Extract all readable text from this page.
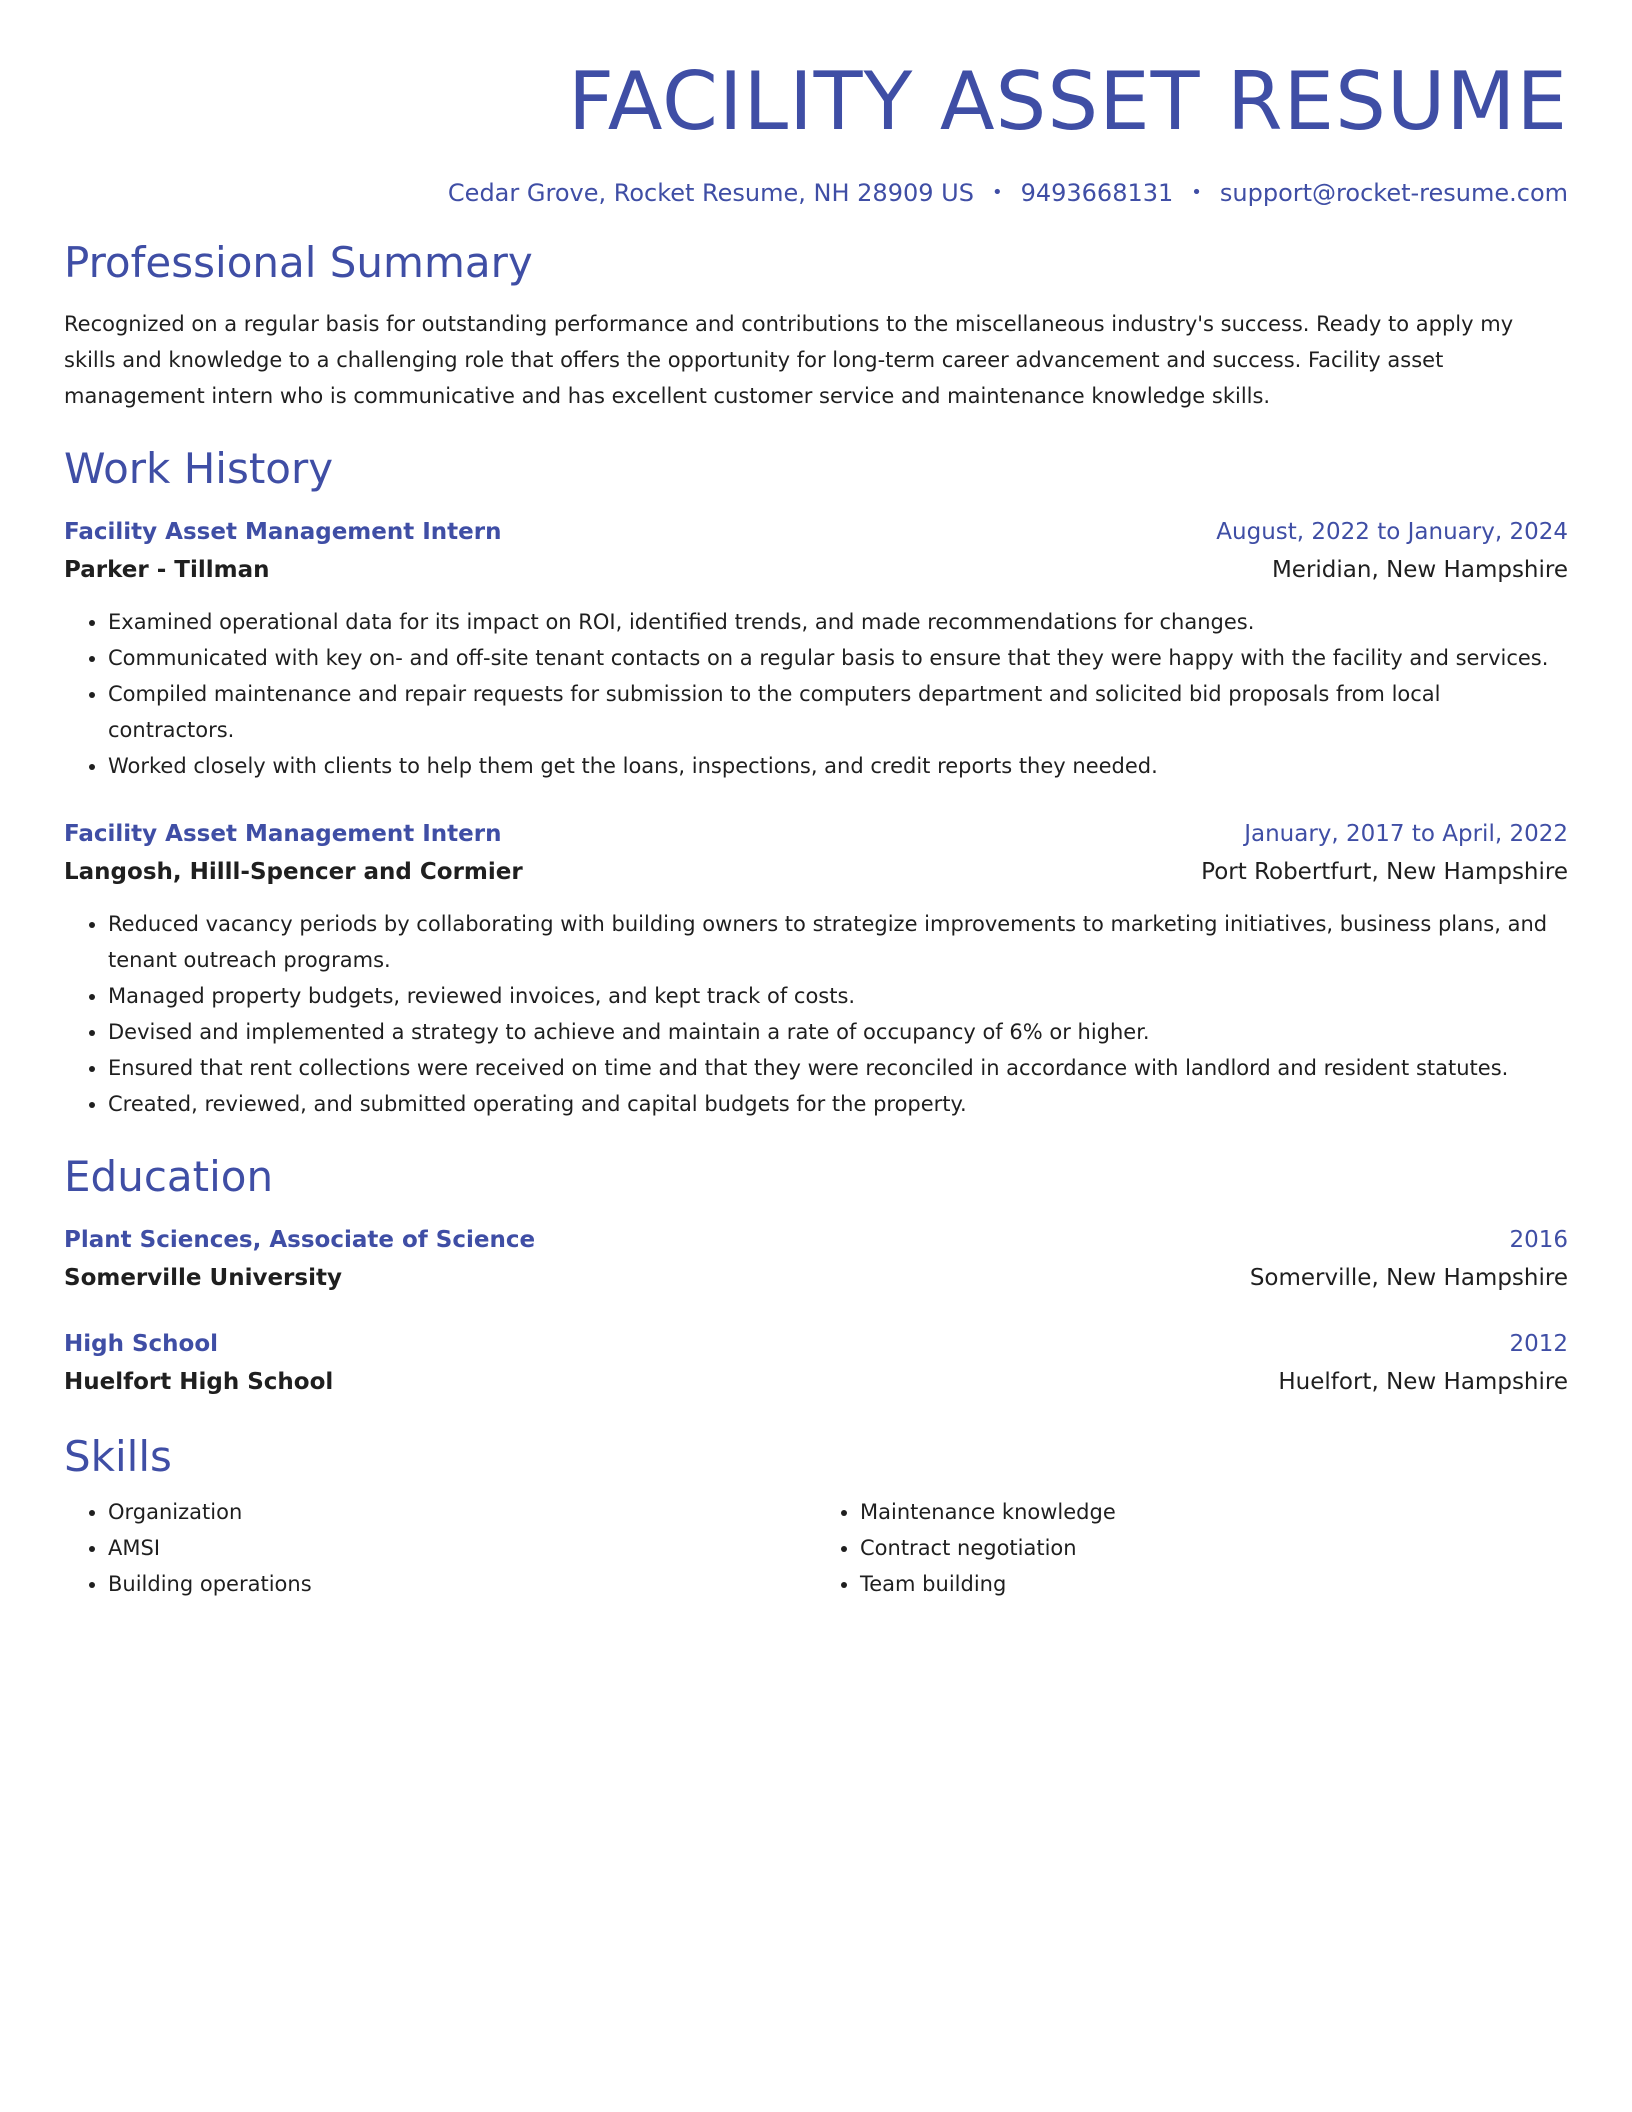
FACILITY ASSET RESUME
Cedar Grove, Rocket Resume, NH 28909 US • 9493668131 • support@rocket-resume.com
Professional Summary

Recognized on a regular basis for outstanding performance and contributions to the miscellaneous industry's success. Ready to apply my skills and knowledge to a challenging role that offers the opportunity for long-term career advancement and success. Facility asset management intern who is communicative and has excellent customer service and maintenance knowledge skills.

Work History
Facility Asset Management Intern	August, 2022 to January, 2024
Parker - Tillman	Meridian, New Hampshire
• Examined operational data for its impact on ROI, identified trends, and made recommendations for changes.
• Communicated with key on- and off-site tenant contacts on a regular basis to ensure that they were happy with the facility and services.
• Compiled maintenance and repair requests for submission to the computers department and solicited bid proposals from local contractors.
• Worked closely with clients to help them get the loans, inspections, and credit reports they needed.
Facility Asset Management Intern	January, 2017 to April, 2022
Langosh, Hilll-Spencer and Cormier	Port Robertfurt, New Hampshire
• Reduced vacancy periods by collaborating with building owners to strategize improvements to marketing initiatives, business plans, and tenant outreach programs.
• Managed property budgets, reviewed invoices, and kept track of costs.
• Devised and implemented a strategy to achieve and maintain a rate of occupancy of 6% or higher.
• Ensured that rent collections were received on time and that they were reconciled in accordance with landlord and resident statutes.
• Created, reviewed, and submitted operating and capital budgets for the property.
Education
Plant Sciences, Associate of Science	2016
Somerville University	Somerville, New Hampshire
High School	2012
Huelfort High School	Huelfort, New Hampshire
Skills
• Organization
• AMSI
• Building operations
• Maintenance knowledge
• Contract negotiation
• Team building
